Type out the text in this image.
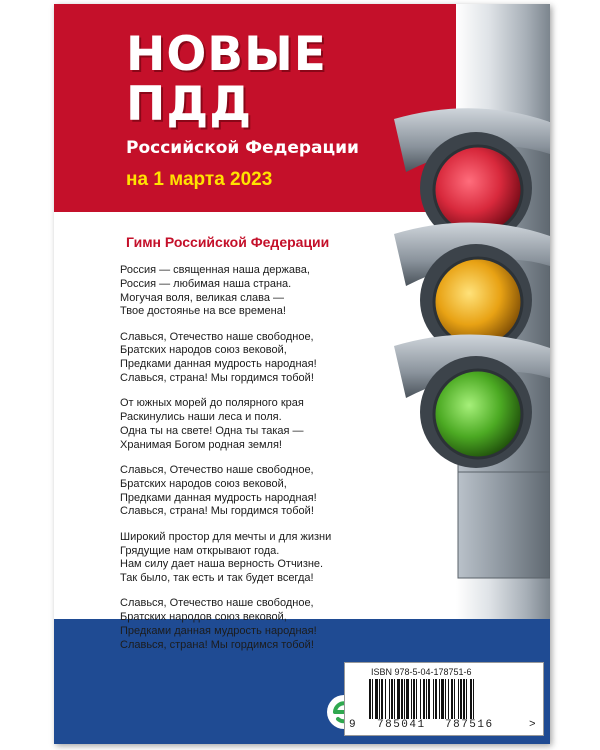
НОВЫЕ
ПДД
Российской Федерации
на 1 марта 2023
Гимн Российской Федерации
Россия — священная наша держава,
Россия — любимая наша страна.
Могучая воля, великая слава —
Твое достоянье на все времена!
Славься, Отечество наше свободное,
Братских народов союз вековой,
Предками данная мудрость народная!
Славься, страна! Мы гордимся тобой!
От южных морей до полярного края
Раскинулись наши леса и поля.
Одна ты на свете! Одна ты такая —
Хранимая Богом родная земля!
Славься, Отечество наше свободное,
Братских народов союз вековой,
Предками данная мудрость народная!
Славься, страна! Мы гордимся тобой!
Широкий простор для мечты и для жизни
Грядущие нам открывают года.
Нам силу дает наша верность Отчизне.
Так было, так есть и так будет всегда!
Славься, Отечество наше свободное,
Братских народов союз вековой,
Предками данная мудрость народная!
Славься, страна! Мы гордимся тобой!
ISBN 978-5-04-178751-6
9 785041 787516	>
